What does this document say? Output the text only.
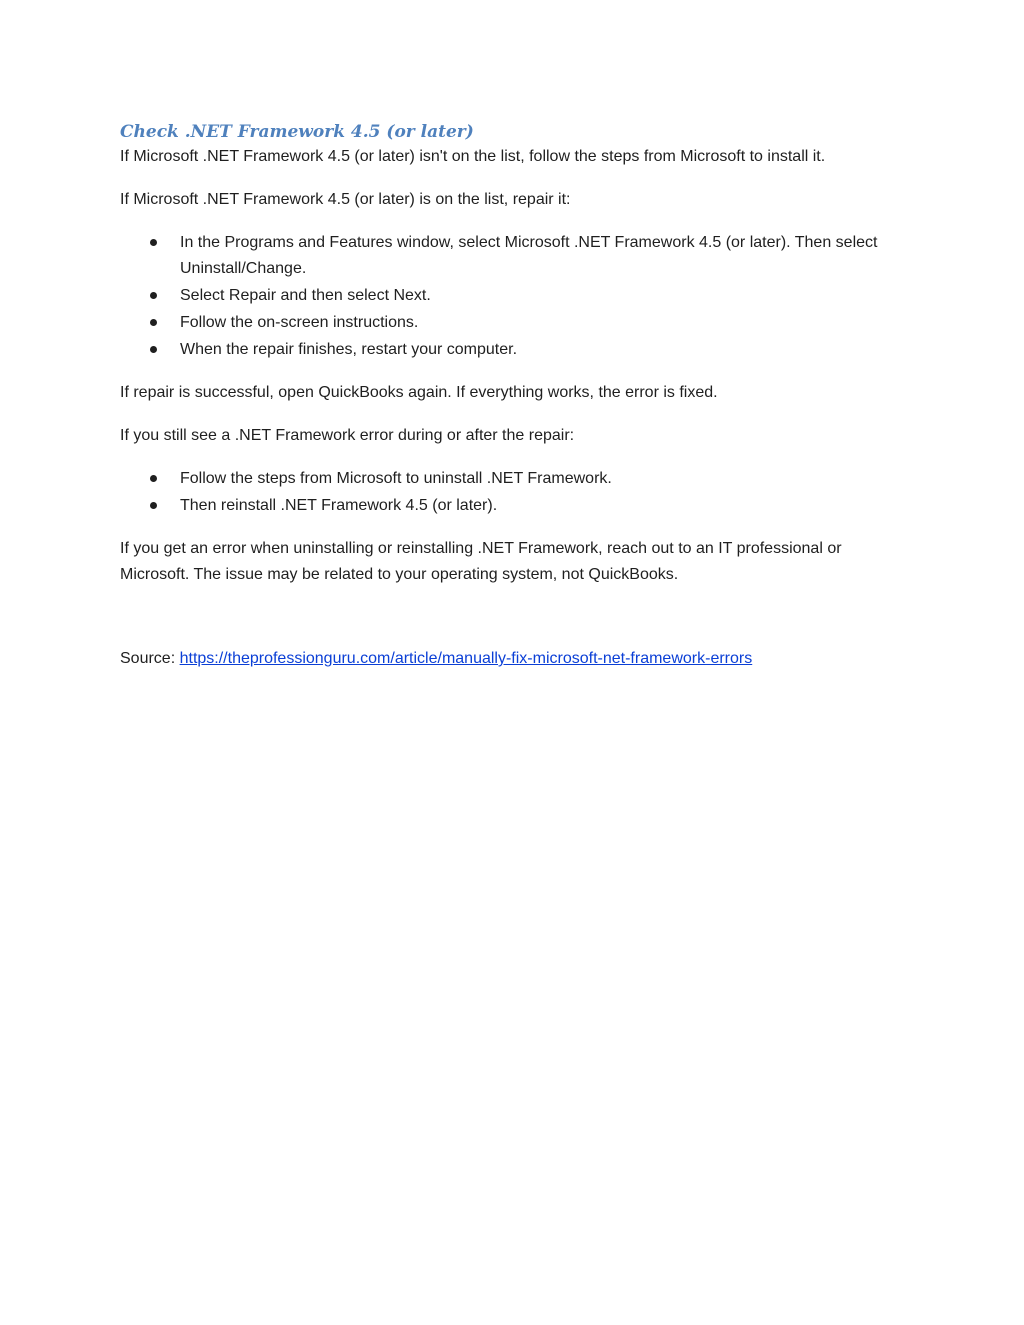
Check .NET Framework 4.5 (or later)

If Microsoft .NET Framework 4.5 (or later) isn't on the list, follow the steps from Microsoft to install it.

If Microsoft .NET Framework 4.5 (or later) is on the list, repair it:

In the Programs and Features window, select Microsoft .NET Framework 4.5 (or later). Then select Uninstall/Change.
Select Repair and then select Next.
Follow the on-screen instructions.
When the repair finishes, restart your computer.

If repair is successful, open QuickBooks again. If everything works, the error is fixed.

If you still see a .NET Framework error during or after the repair:

Follow the steps from Microsoft to uninstall .NET Framework.
Then reinstall .NET Framework 4.5 (or later).

If you get an error when uninstalling or reinstalling .NET Framework, reach out to an IT professional or Microsoft. The issue may be related to your operating system, not QuickBooks.

Source: https://theprofessionguru.com/article/manually-fix-microsoft-net-framework-errors
